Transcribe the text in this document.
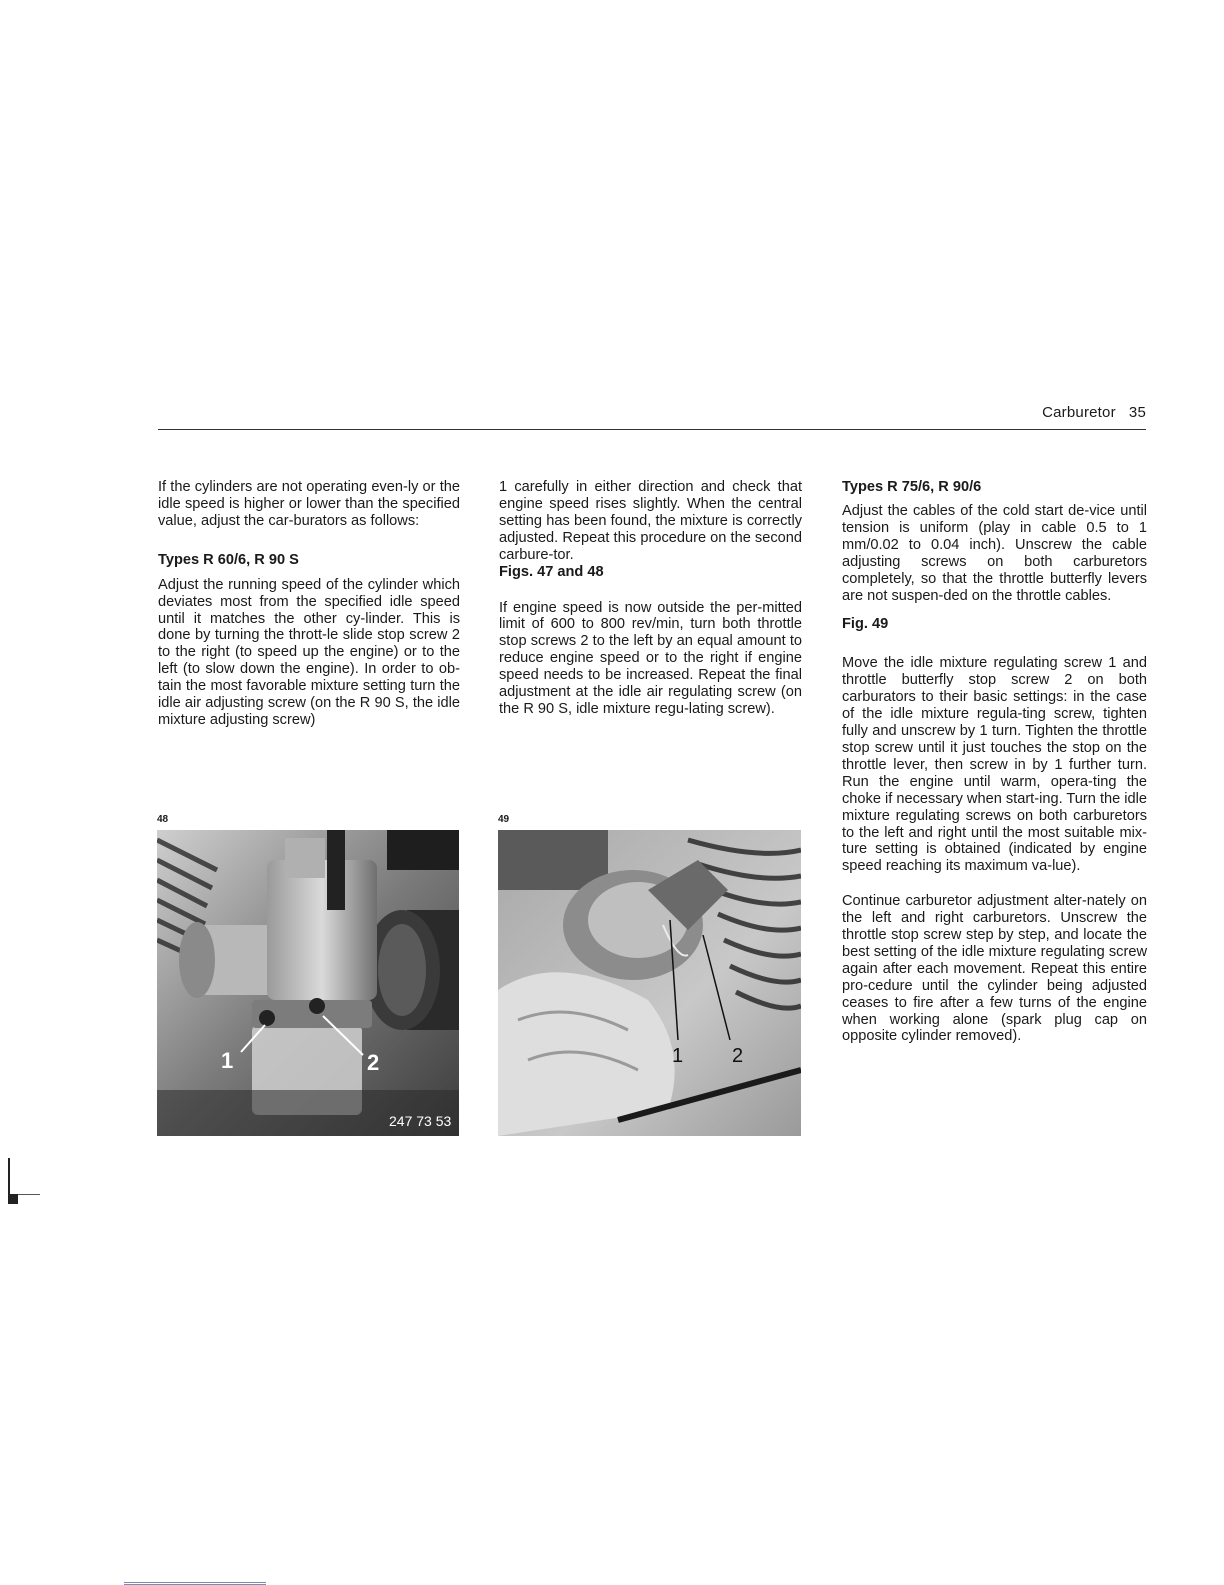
Carburetor 35

If the cylinders are not operating even-ly or the idle speed is higher or lower than the specified value, adjust the car-burators as follows:

Types R 60/6, R 90 S

Adjust the running speed of the cylinder which deviates most from the specified idle speed until it matches the other cy-linder. This is done by turning the thrott-le slide stop screw 2 to the right (to speed up the engine) or to the left (to slow down the engine). In order to ob-tain the most favorable mixture setting turn the idle air adjusting screw (on the R 90 S, the idle mixture adjusting screw)

1 carefully in either direction and check that engine speed rises slightly. When the central setting has been found, the mixture is correctly adjusted. Repeat this procedure on the second carbure-tor.

Figs. 47 and 48

If engine speed is now outside the per-mitted limit of 600 to 800 rev/min, turn both throttle stop screws 2 to the left by an equal amount to reduce engine speed or to the right if engine speed needs to be increased. Repeat the final adjustment at the idle air regulating screw (on the R 90 S, idle mixture regu-lating screw).

Types R 75/6, R 90/6

Adjust the cables of the cold start de-vice until tension is uniform (play in cable 0.5 to 1 mm/0.02 to 0.04 inch). Unscrew the cable adjusting screws on both carburetors completely, so that the throttle butterfly levers are not suspen-ded on the throttle cables.

Fig. 49

Move the idle mixture regulating screw 1 and throttle butterfly stop screw 2 on both carburators to their basic settings: in the case of the idle mixture regula-ting screw, tighten fully and unscrew by 1 turn. Tighten the throttle stop screw until it just touches the stop on the throttle lever, then screw in by 1 further turn. Run the engine until warm, opera-ting the choke if necessary when start-ing. Turn the idle mixture regulating screws on both carburetors to the left and right until the most suitable mix-ture setting is obtained (indicated by engine speed reaching its maximum va-lue).

Continue carburetor adjustment alter-nately on the left and right carburetors. Unscrew the throttle stop screw step by step, and locate the best setting of the idle mixture regulating screw again after each movement. Repeat this entire pro-cedure until the cylinder being adjusted ceases to fire after a few turns of the engine when working alone (spark plug cap on opposite cylinder removed).

48
1	2
247 73 53
49
1 2
